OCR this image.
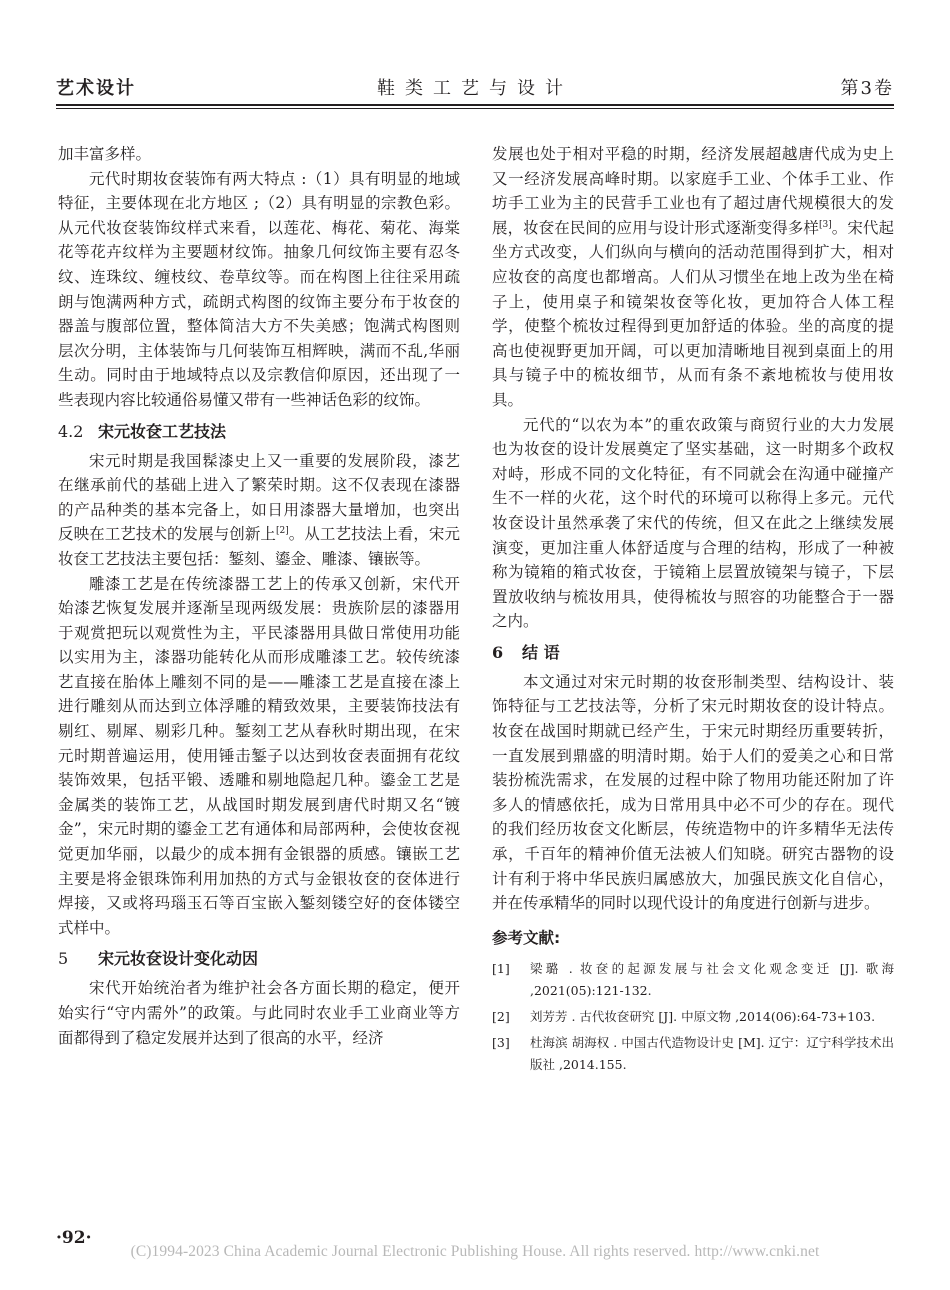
艺术设计	鞋类工艺与设计	第3卷

加丰富多样。

元代时期妆奁装饰有两大特点 :（1）具有明显的地域特征，主要体现在北方地区 ;（2）具有明显的宗教色彩。从元代妆奁装饰纹样式来看，以莲花、梅花、菊花、海棠花等花卉纹样为主要题材纹饰。抽象几何纹饰主要有忍冬纹、连珠纹、缠枝纹、卷草纹等。而在构图上往往采用疏朗与饱满两种方式，疏朗式构图的纹饰主要分布于妆奁的器盖与腹部位置，整体简洁大方不失美感；饱满式构图则层次分明，主体装饰与几何装饰互相辉映，满而不乱,华丽生动。同时由于地域特点以及宗教信仰原因，还出现了一些表现内容比较通俗易懂又带有一些神话色彩的纹饰。

4.2 宋元妆奁工艺技法

宋元时期是我国髹漆史上又一重要的发展阶段，漆艺在继承前代的基础上进入了繁荣时期。这不仅表现在漆器的产品种类的基本完备上，如日用漆器大量增加，也突出反映在工艺技术的发展与创新上[2]。从工艺技法上看，宋元妆奁工艺技法主要包括：錾刻、鎏金、雕漆、镶嵌等。

雕漆工艺是在传统漆器工艺上的传承又创新，宋代开始漆艺恢复发展并逐渐呈现两级发展：贵族阶层的漆器用于观赏把玩以观赏性为主，平民漆器用具做日常使用功能以实用为主，漆器功能转化从而形成雕漆工艺。较传统漆艺直接在胎体上雕刻不同的是——雕漆工艺是直接在漆上进行雕刻从而达到立体浮雕的精致效果，主要装饰技法有剔红、剔犀、剔彩几种。錾刻工艺从春秋时期出现，在宋元时期普遍运用，使用锤击錾子以达到妆奁表面拥有花纹装饰效果，包括平锻、透雕和剔地隐起几种。鎏金工艺是金属类的装饰工艺，从战国时期发展到唐代时期又名“镀金”，宋元时期的鎏金工艺有通体和局部两种，会使妆奁视觉更加华丽，以最少的成本拥有金银器的质感。镶嵌工艺主要是将金银珠饰利用加热的方式与金银妆奁的奁体进行焊接，又或将玛瑙玉石等百宝嵌入錾刻镂空好的奁体镂空式样中。

5 宋元妆奁设计变化动因

宋代开始统治者为维护社会各方面长期的稳定，便开始实行“守内需外”的政策。与此同时农业手工业商业等方面都得到了稳定发展并达到了很高的水平，经济

发展也处于相对平稳的时期，经济发展超越唐代成为史上又一经济发展高峰时期。以家庭手工业、个体手工业、作坊手工业为主的民营手工业也有了超过唐代规模很大的发展，妆奁在民间的应用与设计形式逐渐变得多样[3]。宋代起坐方式改变，人们纵向与横向的活动范围得到扩大，相对应妆奁的高度也都增高。人们从习惯坐在地上改为坐在椅子上，使用桌子和镜架妆奁等化妆，更加符合人体工程学，使整个梳妆过程得到更加舒适的体验。坐的高度的提高也使视野更加开阔，可以更加清晰地目视到桌面上的用具与镜子中的梳妆细节，从而有条不紊地梳妆与使用妆具。

元代的“以农为本”的重农政策与商贸行业的大力发展也为妆奁的设计发展奠定了坚实基础，这一时期多个政权对峙，形成不同的文化特征，有不同就会在沟通中碰撞产生不一样的火花，这个时代的环境可以称得上多元。元代妆奁设计虽然承袭了宋代的传统，但又在此之上继续发展演变，更加注重人体舒适度与合理的结构，形成了一种被称为镜箱的箱式妆奁，于镜箱上层置放镜架与镜子，下层置放收纳与梳妆用具，使得梳妆与照容的功能整合于一器之内。

6 结 语

本文通过对宋元时期的妆奁形制类型、结构设计、装饰特征与工艺技法等，分析了宋元时期妆奁的设计特点。妆奁在战国时期就已经产生，于宋元时期经历重要转折，一直发展到鼎盛的明清时期。始于人们的爱美之心和日常装扮梳洗需求，在发展的过程中除了物用功能还附加了许多人的情感依托，成为日常用具中必不可少的存在。现代的我们经历妆奁文化断层，传统造物中的许多精华无法传承，千百年的精神价值无法被人们知晓。研究古器物的设计有利于将中华民族归属感放大，加强民族文化自信心，并在传承精华的同时以现代设计的角度进行创新与进步。

参考文献:
[1]	梁璐 . 妆奁的起源发展与社会文化观念变迁 [J]. 歌海 ,2021(05):121-132.
[2]	刘芳芳 . 古代妆奁研究 [J]. 中原文物 ,2014(06):64-73+103.
[3]	杜海滨 胡海权 . 中国古代造物设计史 [M]. 辽宁：辽宁科学技术出版社 ,2014.155.
·92·
(C)1994-2023 China Academic Journal Electronic Publishing House. All rights reserved. http://www.cnki.net
